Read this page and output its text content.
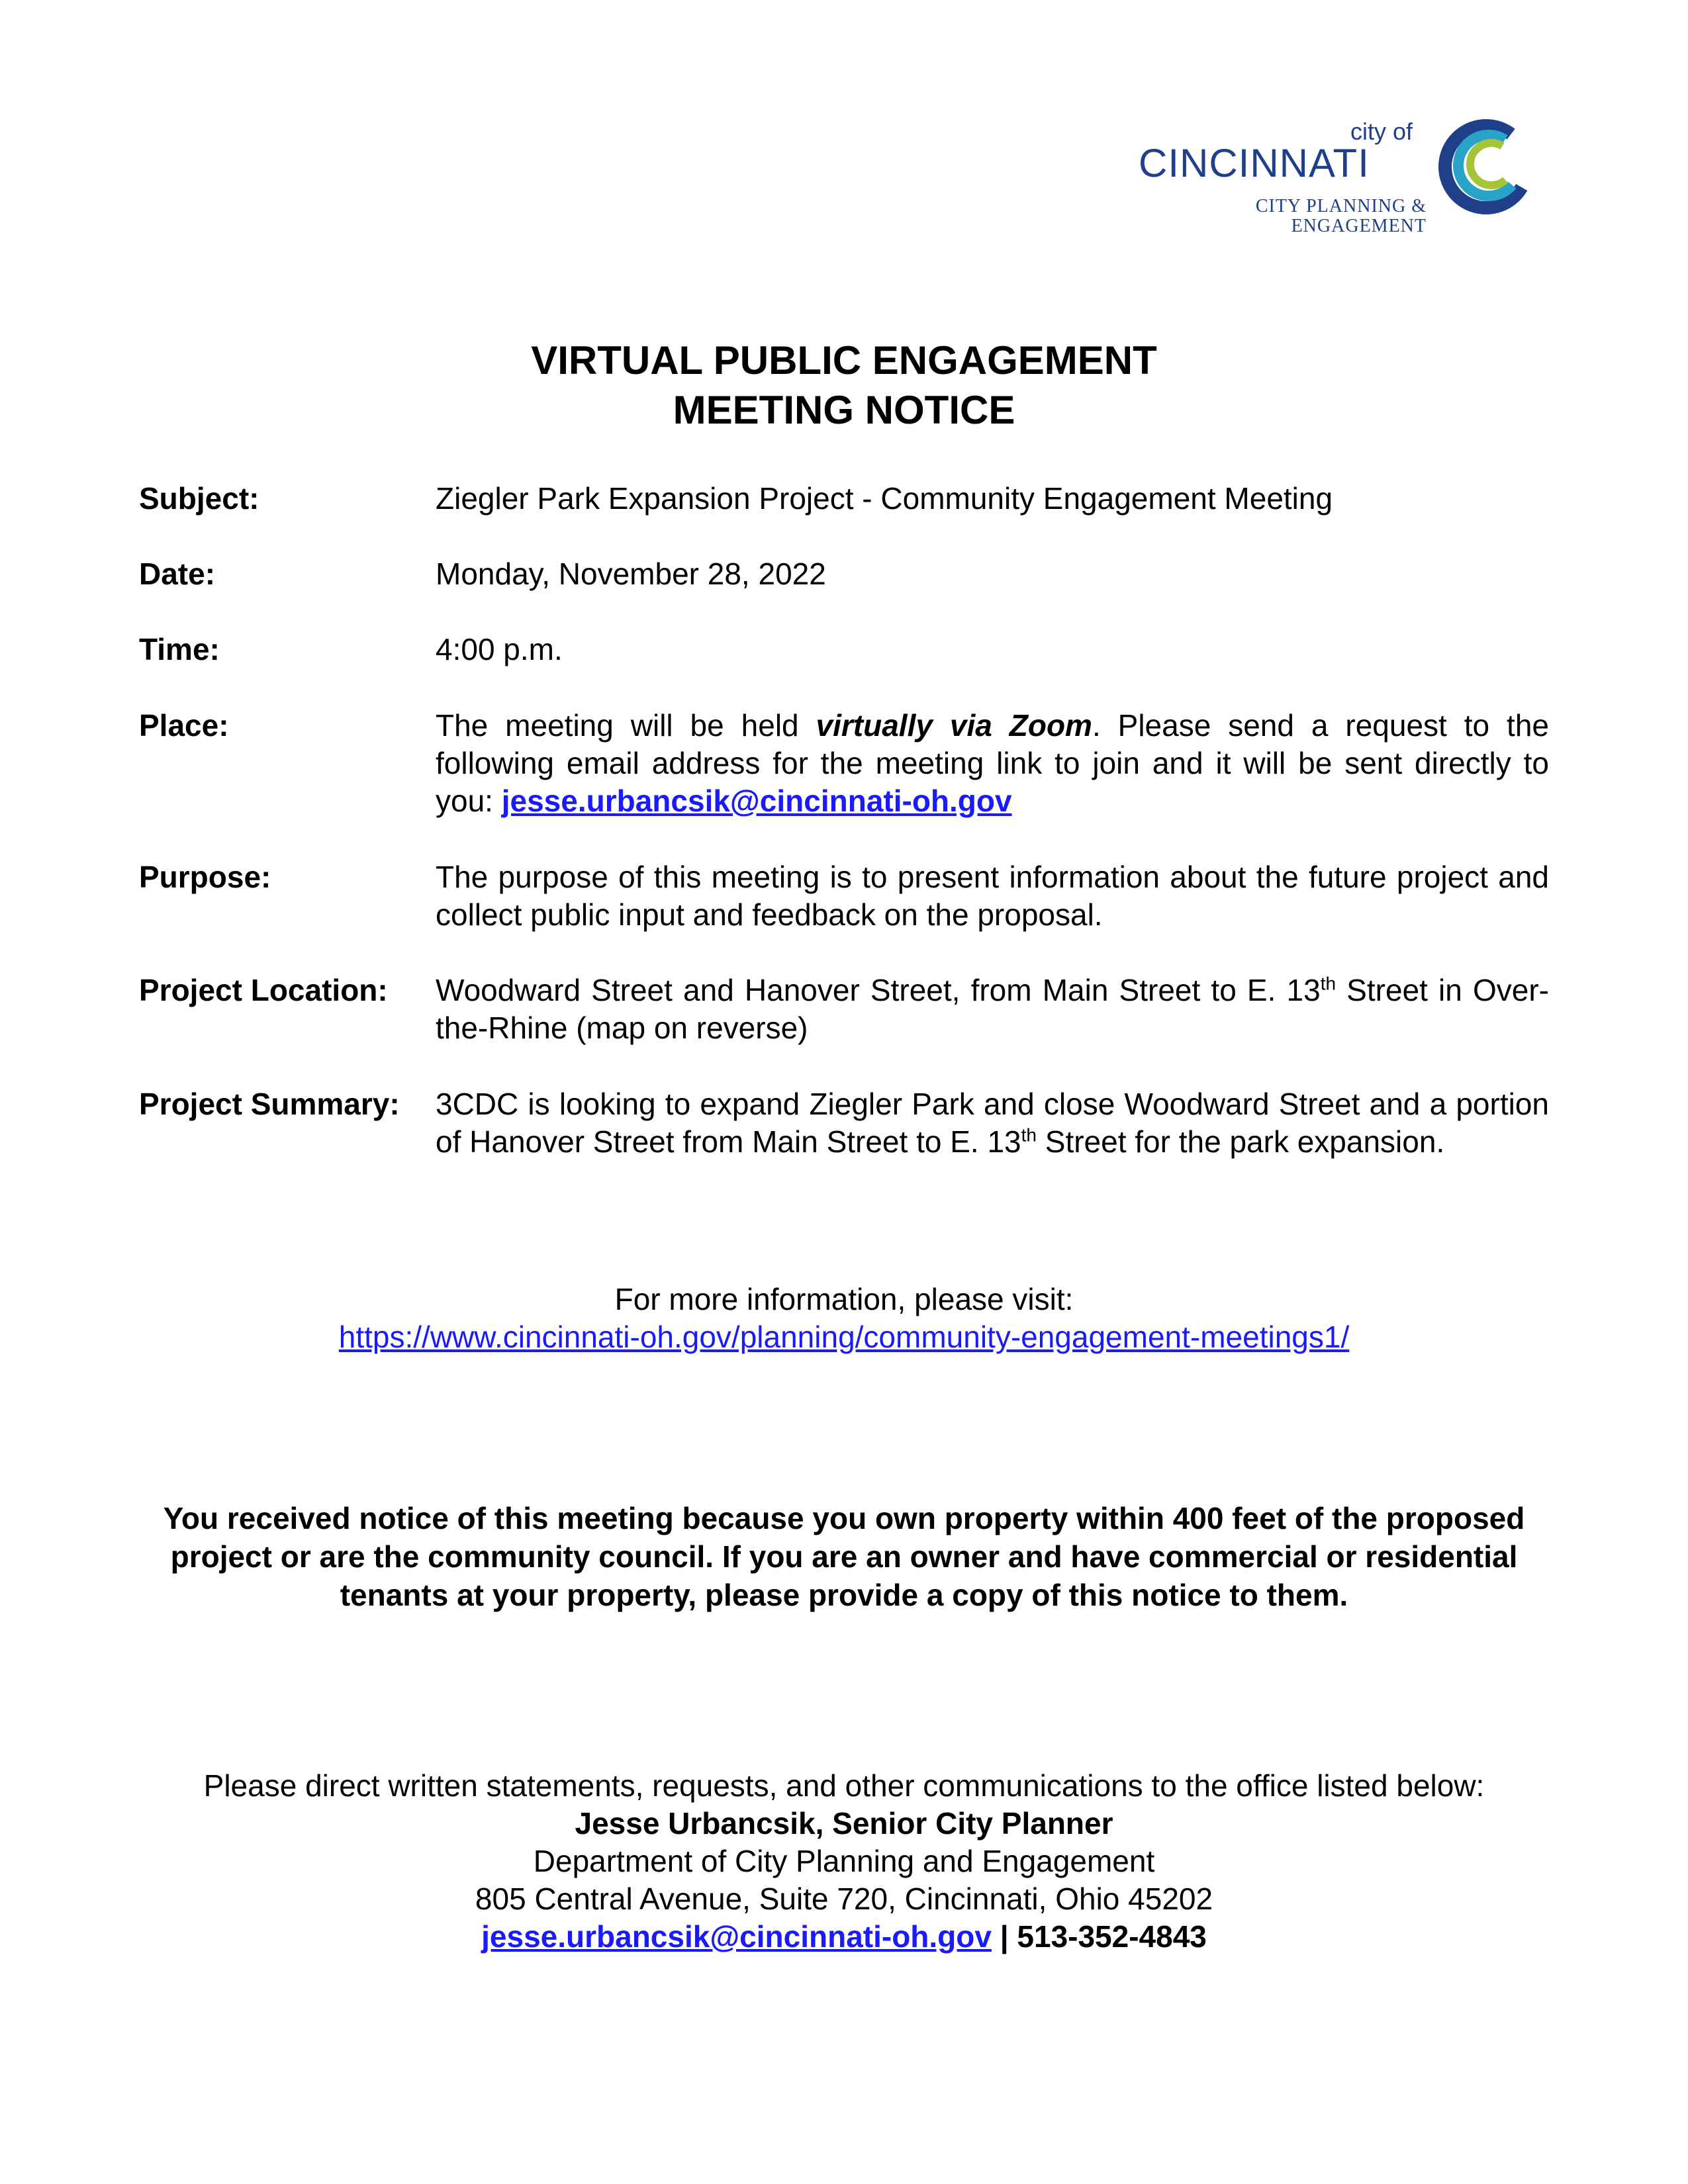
city of
CINCINNATI
CITY PLANNING &
ENGAGEMENT
VIRTUAL PUBLIC ENGAGEMENT
MEETING NOTICE
Subject:	Ziegler Park Expansion Project - Community Engagement Meeting
Date:	Monday, November 28, 2022
Time:	4:00 p.m.
Place:	The meeting will be held virtually via Zoom. Please send a request to the following email address for the meeting link to join and it will be sent directly to you: jesse.urbancsik@cincinnati-oh.gov
Purpose:	The purpose of this meeting is to present information about the future project and collect public input and feedback on the proposal.
Project Location: Woodward Street and Hanover Street, from Main Street to E. 13th Street in Over-the-Rhine (map on reverse)
Project Summary: 3CDC is looking to expand Ziegler Park and close Woodward Street and a portion of Hanover Street from Main Street to E. 13th Street for the park expansion.
For more information, please visit:
https://www.cincinnati-oh.gov/planning/community-engagement-meetings1/
You received notice of this meeting because you own property within 400 feet of the proposed project or are the community council. If you are an owner and have commercial or residential tenants at your property, please provide a copy of this notice to them.
Please direct written statements, requests, and other communications to the office listed below:
Jesse Urbancsik, Senior City Planner
Department of City Planning and Engagement
805 Central Avenue, Suite 720, Cincinnati, Ohio 45202
jesse.urbancsik@cincinnati-oh.gov | 513-352-4843
